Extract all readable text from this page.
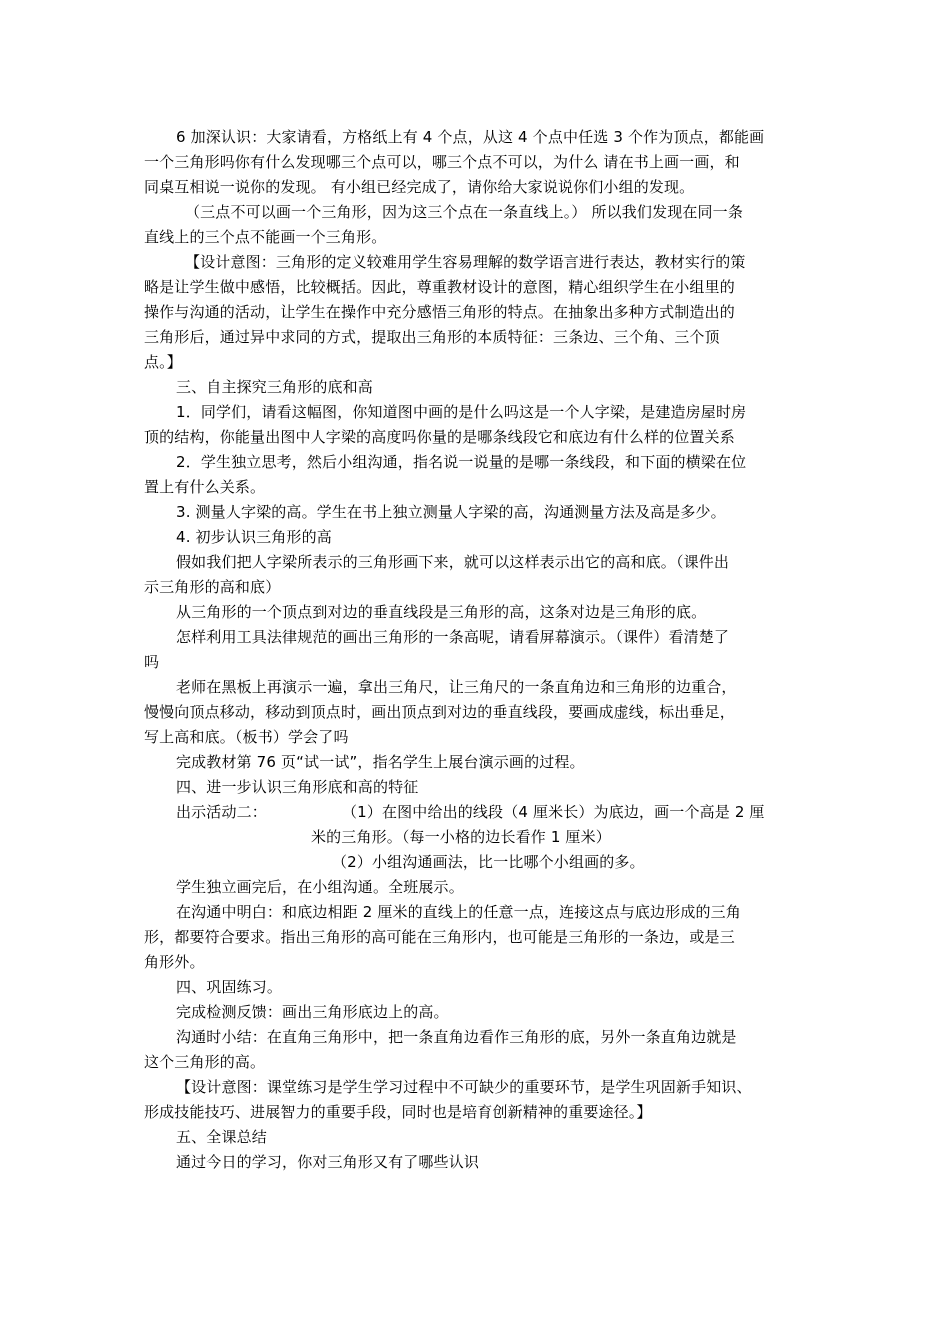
6 加深认识：大家请看，方格纸上有 4 个点，从这 4 个点中任选 3 个作为顶点，都能画
一个三角形吗你有什么发现哪三个点可以，哪三个点不可以，为什么 请在书上画一画，和
同桌互相说一说你的发现。 有小组已经完成了，请你给大家说说你们小组的发现。
（三点不可以画一个三角形，因为这三个点在一条直线上。） 所以我们发现在同一条
直线上的三个点不能画一个三角形。
【设计意图：三角形的定义较难用学生容易理解的数学语言进行表达，教材实行的策
略是让学生做中感悟，比较概括。因此，尊重教材设计的意图，精心组织学生在小组里的
操作与沟通的活动，让学生在操作中充分感悟三角形的特点。在抽象出多种方式制造出的
三角形后，通过异中求同的方式，提取出三角形的本质特征：三条边、三个角、三个顶
点。】
三、自主探究三角形的底和高
1．同学们，请看这幅图，你知道图中画的是什么吗这是一个人字梁，是建造房屋时房
顶的结构，你能量出图中人字梁的高度吗你量的是哪条线段它和底边有什么样的位置关系
2．学生独立思考，然后小组沟通，指名说一说量的是哪一条线段，和下面的横梁在位
置上有什么关系。
3. 测量人字梁的高。学生在书上独立测量人字梁的高，沟通测量方法及高是多少。
4. 初步认识三角形的高
假如我们把人字梁所表示的三角形画下来，就可以这样表示出它的高和底。（课件出
示三角形的高和底）
从三角形的一个顶点到对边的垂直线段是三角形的高，这条对边是三角形的底。
怎样利用工具法律规范的画出三角形的一条高呢，请看屏幕演示。（课件）看清楚了
吗
老师在黑板上再演示一遍，拿出三角尺，让三角尺的一条直角边和三角形的边重合，
慢慢向顶点移动，移动到顶点时，画出顶点到对边的垂直线段，要画成虚线，标出垂足，
写上高和底。（板书）学会了吗
完成教材第 76 页“试一试”，指名学生上展台演示画的过程。
四、进一步认识三角形底和高的特征
出示活动二：	（1）在图中给出的线段（4 厘米长）为底边，画一个高是 2 厘
米的三角形。（每一小格的边长看作 1 厘米）
（2）小组沟通画法，比一比哪个小组画的多。
学生独立画完后，在小组沟通。全班展示。
在沟通中明白：和底边相距 2 厘米的直线上的任意一点，连接这点与底边形成的三角
形，都要符合要求。指出三角形的高可能在三角形内，也可能是三角形的一条边，或是三
角形外。
四、巩固练习。
完成检测反馈：画出三角形底边上的高。
沟通时小结：在直角三角形中，把一条直角边看作三角形的底，另外一条直角边就是
这个三角形的高。
【设计意图：课堂练习是学生学习过程中不可缺少的重要环节，是学生巩固新手知识、
形成技能技巧、进展智力的重要手段，同时也是培育创新精神的重要途径。】
五、全课总结
通过今日的学习，你对三角形又有了哪些认识
